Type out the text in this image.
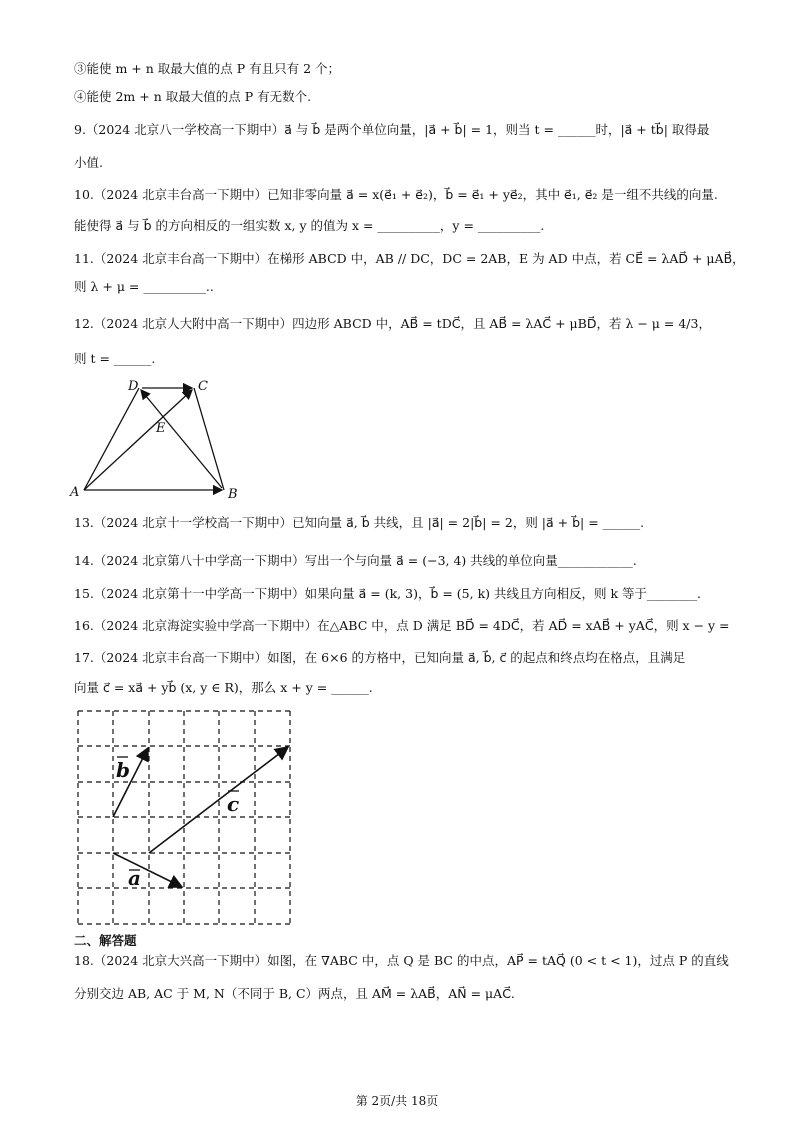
③能使 m + n 取最大值的点 P 有且只有 2 个；
④能使 2m + n 取最大值的点 P 有无数个.
9.（2024 北京八一学校高一下期中）a⃗ 与 b⃗ 是两个单位向量，|a⃗ + b⃗| = 1，则当 t = ______时，|a⃗ + tb⃗| 取得最
小值.
10.（2024 北京丰台高一下期中）已知非零向量 a⃗ = x(e⃗₁ + e⃗₂)，b⃗ = e⃗₁ + ye⃗₂，其中 e⃗₁, e⃗₂ 是一组不共线的向量.
能使得 a⃗ 与 b⃗ 的方向相反的一组实数 x, y 的值为 x = __________，y = __________.
11.（2024 北京丰台高一下期中）在梯形 ABCD 中，AB // DC，DC = 2AB，E 为 AD 中点，若 CE⃗ = λAD⃗ + μAB⃗，
则 λ + μ = __________..
12.（2024 北京人大附中高一下期中）四边形 ABCD 中，AB⃗ = tDC⃗，且 AB⃗ = λAC⃗ + μBD⃗，若 λ − μ = 4/3，
则 t = ______.
A	B
C
D
E
13.（2024 北京十一学校高一下期中）已知向量 a⃗, b⃗ 共线，且 |a⃗| = 2|b⃗| = 2，则 |a⃗ + b⃗| = ______.
14.（2024 北京第八十中学高一下期中）写出一个与向量 a⃗ = (−3, 4) 共线的单位向量____________.
15.（2024 北京第十一中学高一下期中）如果向量 a⃗ = (k, 3)，b⃗ = (5, k) 共线且方向相反，则 k 等于________.
16.（2024 北京海淀实验中学高一下期中）在△ABC 中，点 D 满足 BD⃗ = 4DC⃗，若 AD⃗ = xAB⃗ + yAC⃗，则 x − y =
17.（2024 北京丰台高一下期中）如图，在 6×6 的方格中，已知向量 a⃗, b⃗, c⃗ 的起点和终点均在格点，且满足
向量 c⃗ = xa⃗ + yb⃗ (x, y ∈ R)，那么 x + y = ______.
b
c
a
二、解答题
18.（2024 北京大兴高一下期中）如图，在 ∇ABC 中，点 Q 是 BC 的中点，AP⃗ = tAQ⃗ (0 < t < 1)，过点 P 的直线
分别交边 AB, AC 于 M, N（不同于 B, C）两点，且 AM⃗ = λAB⃗，AN⃗ = μAC⃗.
第 2页/共 18页
